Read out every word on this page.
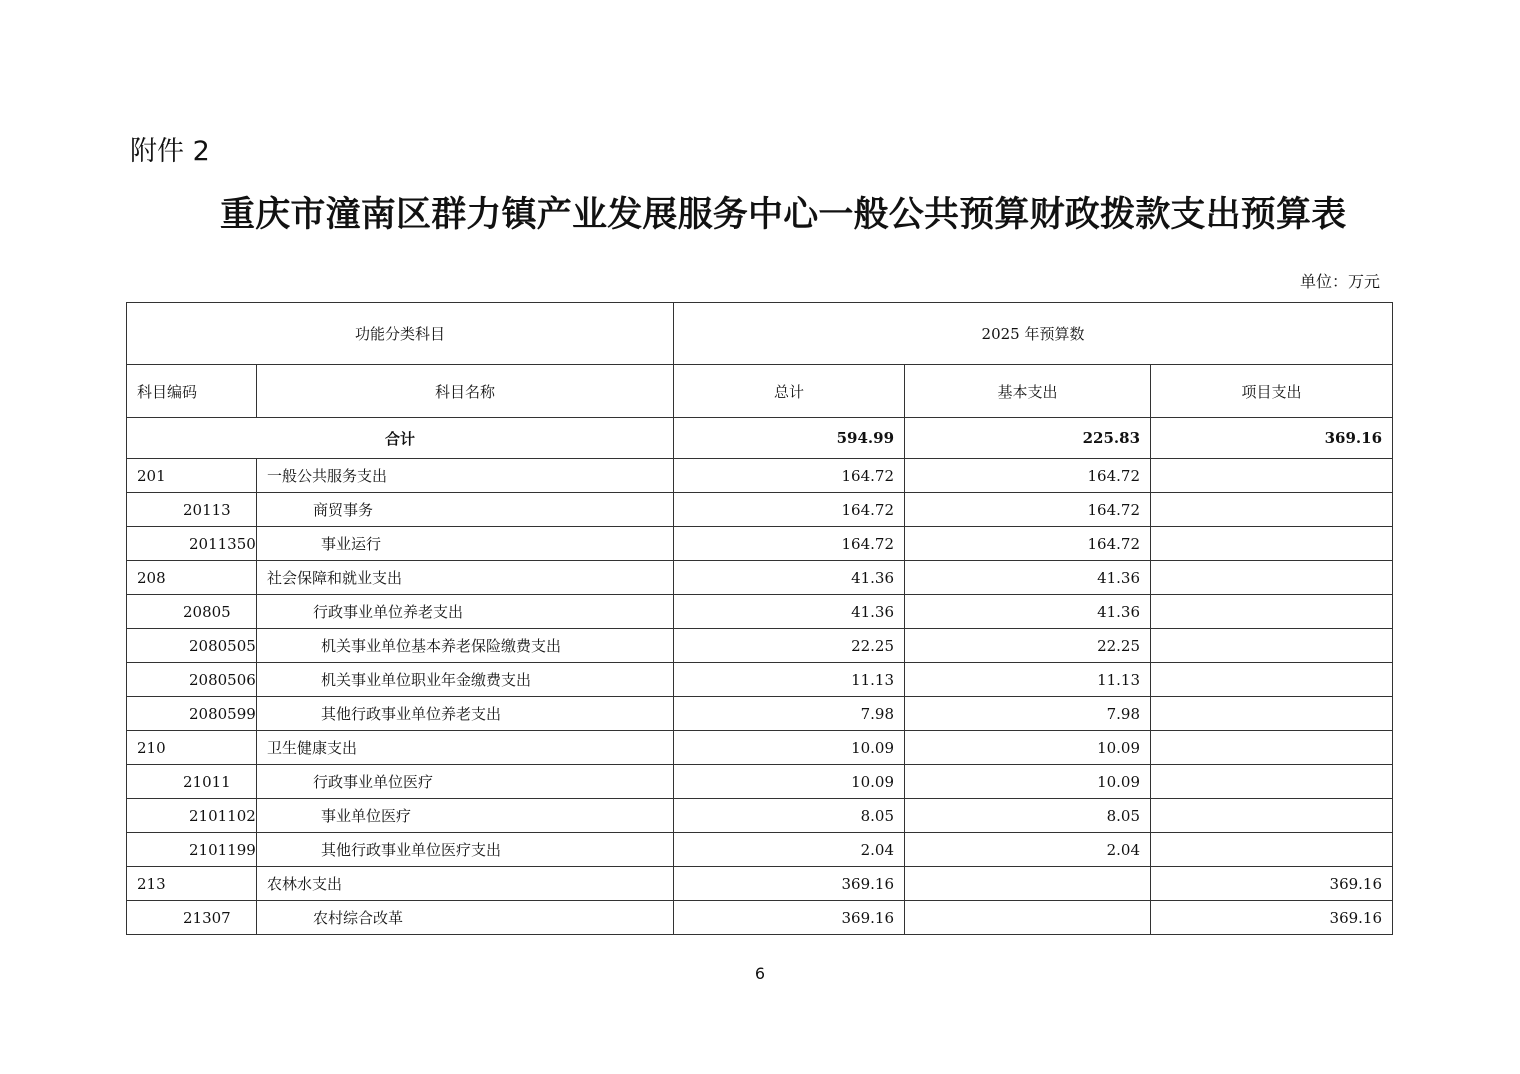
附件 2
重庆市潼南区群力镇产业发展服务中心一般公共预算财政拨款支出预算表
单位：万元
功能分类科目		2025 年预算数		
科目编码	科目名称	总计	基本支出	项目支出
合计		594.99	225.83	369.16
201	一般公共服务支出	164.72	164.72	
20113	商贸事务	164.72	164.72	
2011350	事业运行	164.72	164.72	
208	社会保障和就业支出	41.36	41.36	
20805	行政事业单位养老支出	41.36	41.36	
2080505	机关事业单位基本养老保险缴费支出	22.25	22.25	
2080506	机关事业单位职业年金缴费支出	11.13	11.13	
2080599	其他行政事业单位养老支出	7.98	7.98	
210	卫生健康支出	10.09	10.09	
21011	行政事业单位医疗	10.09	10.09	
2101102	事业单位医疗	8.05	8.05	
2101199	其他行政事业单位医疗支出	2.04	2.04	
213	农林水支出	369.16		369.16
21307	农村综合改革	369.16		369.16
6
